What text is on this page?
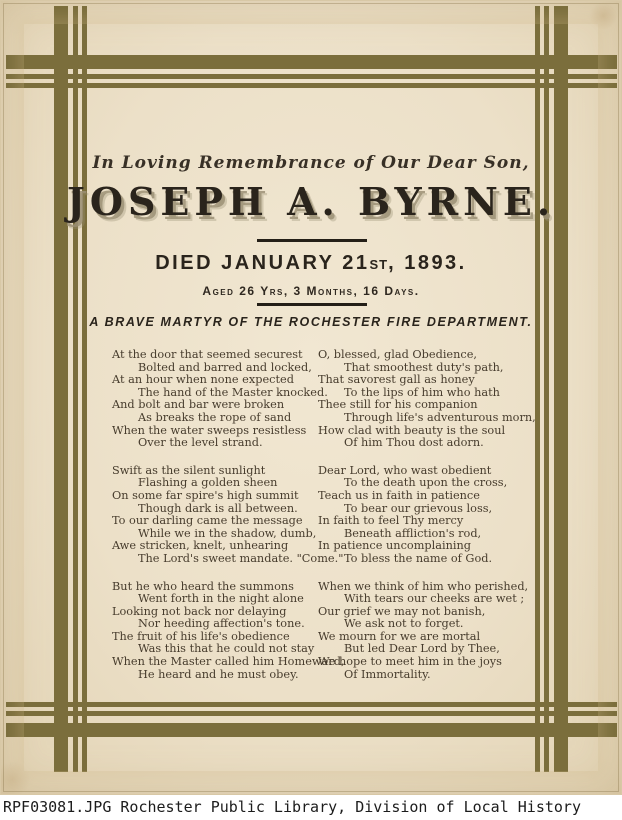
In Loving Remembrance of Our Dear Son,
JOSEPH A. BYRNE.
DIED JANUARY 21ST, 1893.
Aged 26 Yrs, 3 Months, 16 Days.
A BRAVE MARTYR OF THE ROCHESTER FIRE DEPARTMENT.
At the door that seemed securest
Bolted and barred and locked,
At an hour when none expected
The hand of the Master knocked.
And bolt and bar were broken
As breaks the rope of sand
When the water sweeps resistless
Over the level strand.
Swift as the silent sunlight
Flashing a golden sheen
On some far spire's high summit
Though dark is all between.
To our darling came the message
While we in the shadow, dumb,
Awe stricken, knelt, unhearing
The Lord's sweet mandate. "Come."
But he who heard the summons
Went forth in the night alone
Looking not back nor delaying
Nor heeding affection's tone.
The fruit of his life's obedience
Was this that he could not stay
When the Master called him Homeward,
He heard and he must obey.
O, blessed, glad Obedience,
That smoothest duty's path,
That savorest gall as honey
To the lips of him who hath
Thee still for his companion
Through life's adventurous morn,
How clad with beauty is the soul
Of him Thou dost adorn.
Dear Lord, who wast obedient
To the death upon the cross,
Teach us in faith in patience
To bear our grievous loss,
In faith to feel Thy mercy
Beneath affliction's rod,
In patience uncomplaining
To bless the name of God.
When we think of him who perished,
With tears our cheeks are wet ;
Our grief we may not banish,
We ask not to forget.
We mourn for we are mortal
But led Dear Lord by Thee,
We hope to meet him in the joys
Of Immortality.
RPF03081.JPG Rochester Public Library, Division of Local History
